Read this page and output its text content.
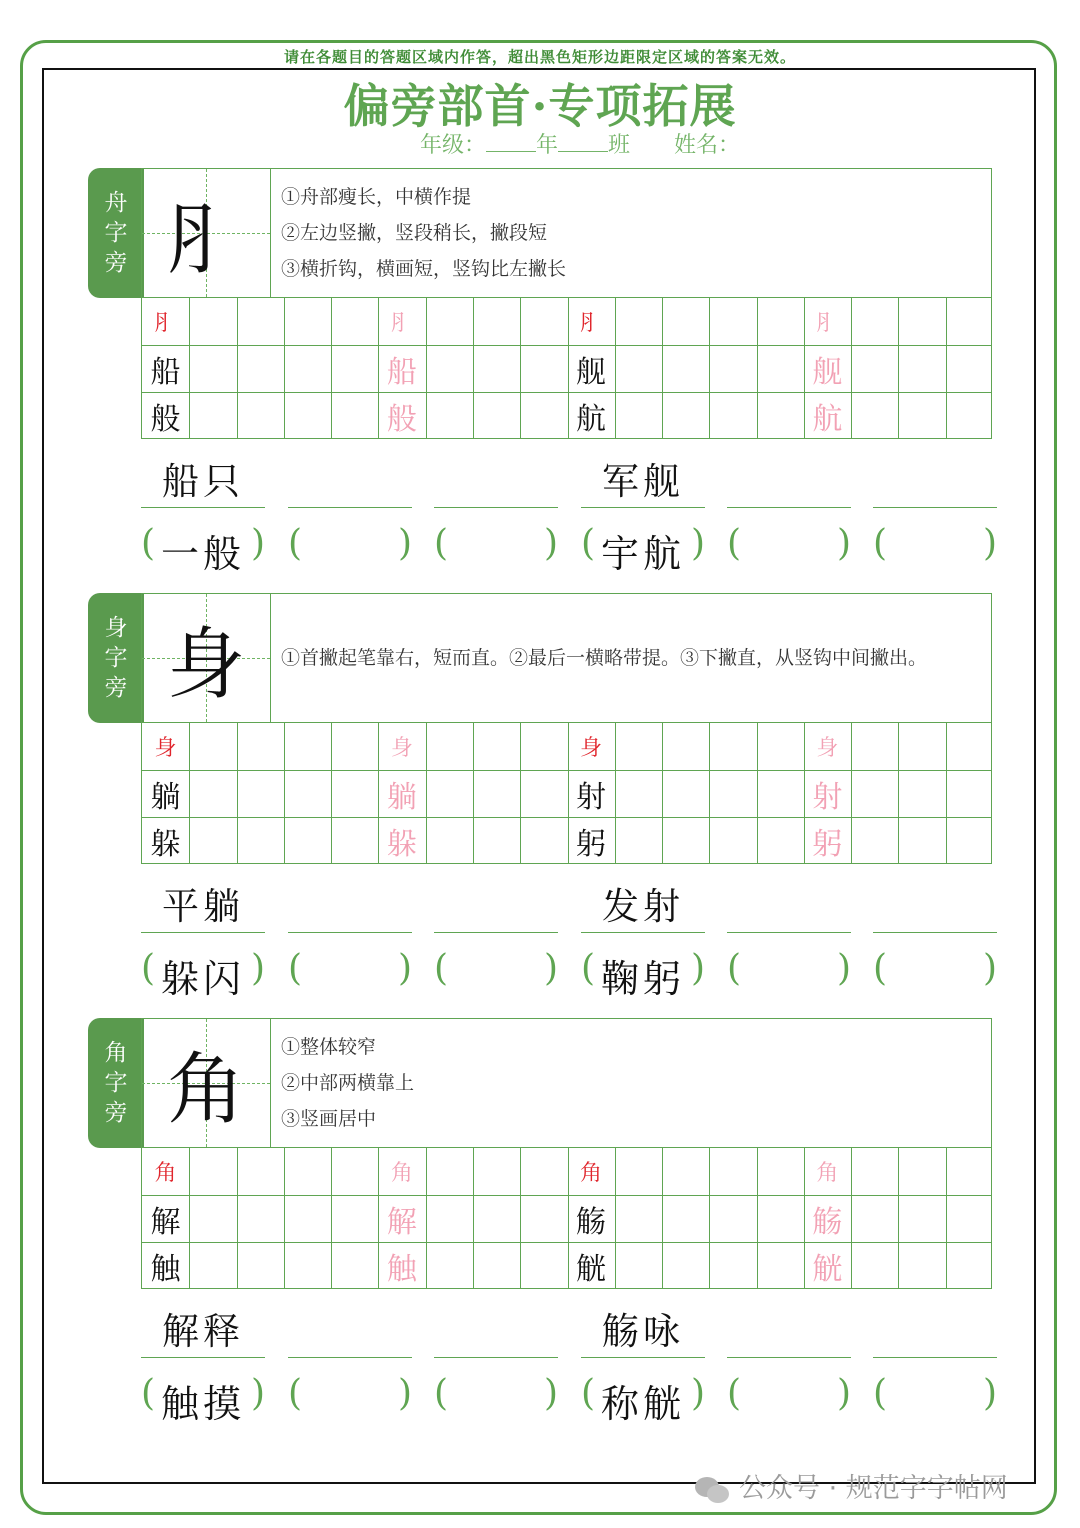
请在各题目的答题区域内作答，超出黑色矩形边距限定区域的答案无效。
偏旁部首·专项拓展
年级： 年 班 姓名：
舟
字
旁 ⺼	①舟部瘦长，中横作提
②左边竖撇，竖段稍长，撇段短
③横折钩，横画短，竖钩比左撇长
⺼	⺼	⺼	⺼
船	船	舰	舰
般	般	航	航
船只	军舰
( 一般 ) (	) (	) ( 宇航 ) (	) (	)
身
字
旁 身	①首撇起笔靠右，短而直。②最后一横略带提。③下撇直，从竖钩中间撇出。
身	身	身	身
躺	躺	射	射
躲	躲	躬	躬
平躺	发射
( 躲闪 ) (	) (	) ( 鞠躬 ) (	) (	)
角
字
旁 角	①整体较窄
②中部两横靠上
③竖画居中
角	角	角	角
解	解	觞	觞
触	触	觥	觥
解释	觞咏
( 触摸 ) (	) (	) ( 称觥 ) (	) (	)
公众号 · 规范字字帖网
